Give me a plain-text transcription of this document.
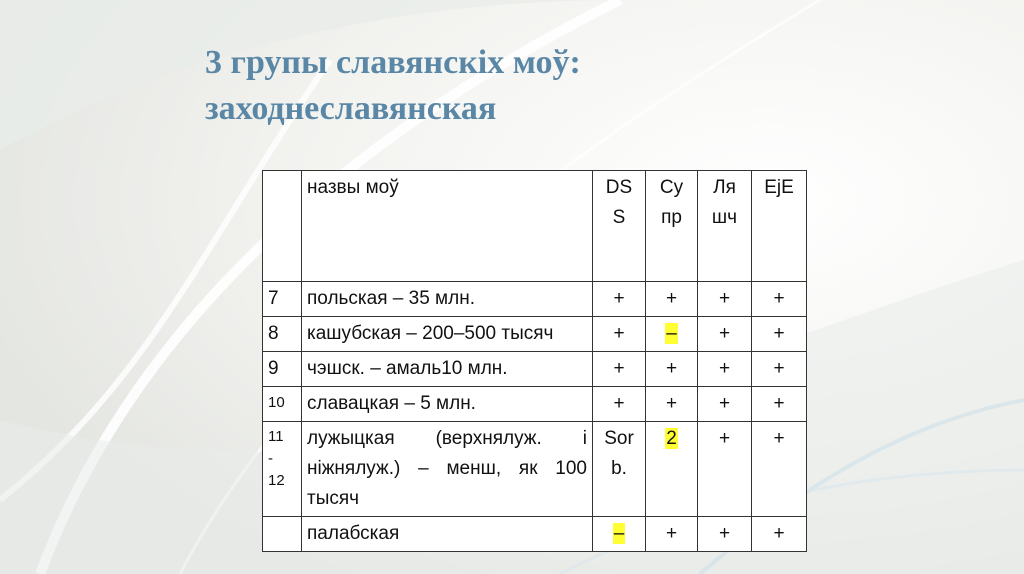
3 групы славянскіх моў:
заходнеславянская
	назвы моў	DS S	Су пр	Ля шч	EjE
7	польская – 35 млн.	+	+	+	+
8	кашубская – 200–500 тысяч	+	–	+	+
9	чэшск. – амаль10 млн.	+	+	+	+
10	славацкая – 5 млн.	+	+	+	+
11 - 12	лужыцкая (верхнялуж. і ніжнялуж.) – менш, як 100 тысяч	Sor b.	2	+	+
	палабская	–	+	+	+
